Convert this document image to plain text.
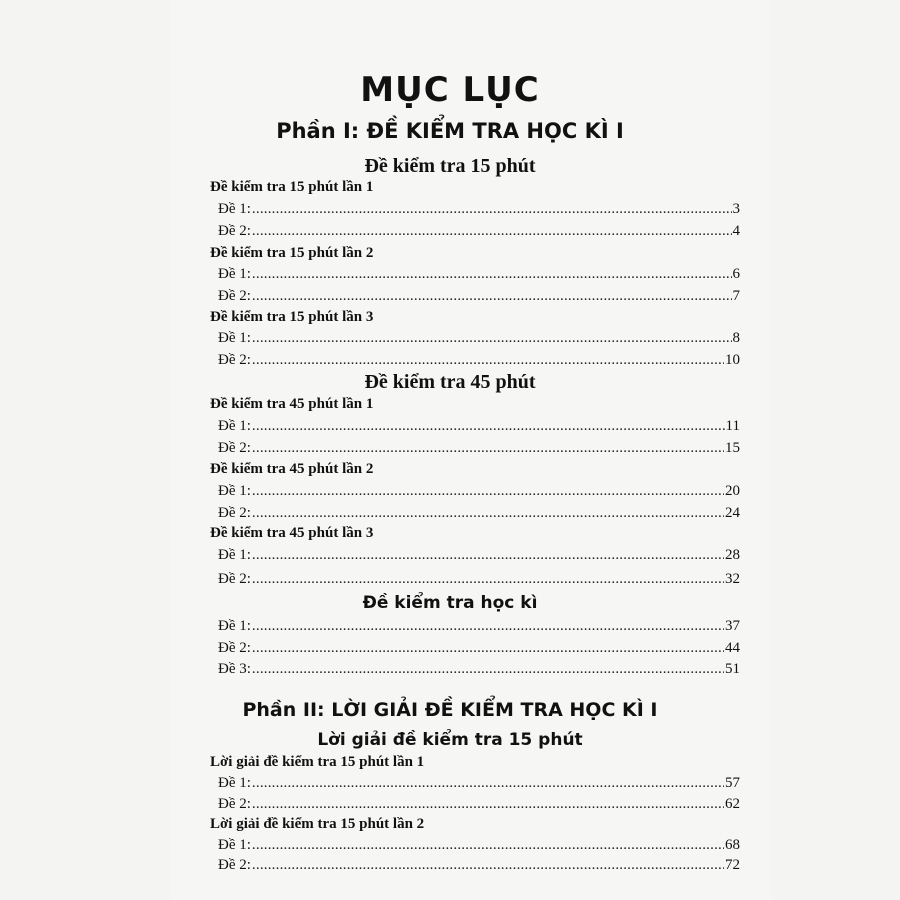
MỤC LỤC
Phần I: ĐỀ KIỂM TRA HỌC KÌ I
Đề kiểm tra 15 phút
Đề kiểm tra 15 phút lần 1
Đề 1: .....	3
Đề 2: .....	4
Đề kiểm tra 15 phút lần 2
Đề 1: .....	6
Đề 2: .....	7
Đề kiểm tra 15 phút lần 3
Đề 1: .....	8
Đề 2: .....	10
Đề kiểm tra 45 phút
Đề kiểm tra 45 phút lần 1
Đề 1: .....	11
Đề 2: .....	15
Đề kiểm tra 45 phút lần 2
Đề 1: .....	20
Đề 2: .....	24
Đề kiểm tra 45 phút lần 3
Đề 1: .....	28
Đề 2: .....	32
Đề kiểm tra học kì
Đề 1: .....	37
Đề 2: .....	44
Đề 3: .....	51
Phần II: LỜI GIẢI ĐỀ KIỂM TRA HỌC KÌ I
Lời giải đề kiểm tra 15 phút
Lời giải đề kiểm tra 15 phút lần 1
Đề 1: .....	57
Đề 2: .....	62
Lời giải đề kiểm tra 15 phút lần 2
Đề 1: .....	68
Đề 2: .....	72
